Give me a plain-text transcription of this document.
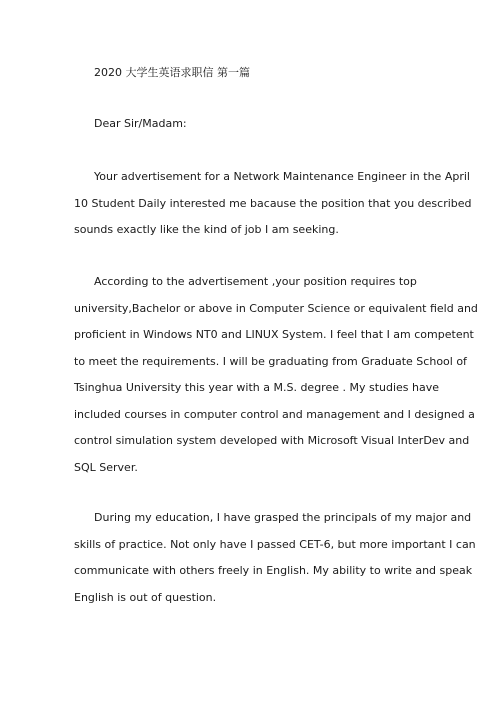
2020 大学生英语求职信 第一篇
Dear Sir/Madam:
Your advertisement for a Network Maintenance Engineer in the April
10 Student Daily interested me bacause the position that you described
sounds exactly like the kind of job I am seeking.
According to the advertisement ,your position requires top
university,Bachelor or above in Computer Science or equivalent field and
proficient in Windows NT0 and LINUX System. I feel that I am competent
to meet the requirements. I will be graduating from Graduate School of
Tsinghua University this year with a M.S. degree . My studies have
included courses in computer control and management and I designed a
control simulation system developed with Microsoft Visual InterDev and
SQL Server.
During my education, I have grasped the principals of my major and
skills of practice. Not only have I passed CET-6, but more important I can
communicate with others freely in English. My ability to write and speak
English is out of question.
